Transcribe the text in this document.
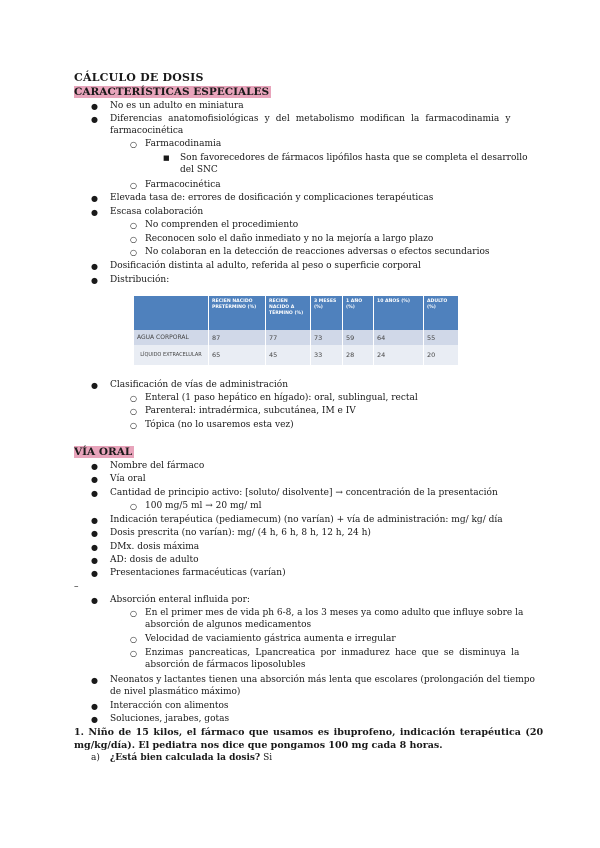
CÁLCULO DE DOSIS
CARACTERÍSTICAS ESPECIALES
● No es un adulto en miniatura
● Diferencias anatomofisiológicas y del metabolismo modifican la farmacodinamia y
farmacocinética
○ Farmacodinamia
■ Son favorecedores de fármacos lipófilos hasta que se completa el desarrollo
del SNC
○ Farmacocinética
● Elevada tasa de: errores de dosificación y complicaciones terapéuticas
● Escasa colaboración
○ No comprenden el procedimiento
○ Reconocen solo el daño inmediato y no la mejoría a largo plazo
○ No colaboran en la detección de reacciones adversas o efectos secundarios
● Dosificación distinta al adulto, referida al peso o superficie corporal
● Distribución:
	RECIEN NACIDO PRETÉRMINO (%)	RECIEN NACIDO A TÉRMINO (%)	3 MESES (%)	1 AÑO (%)	10 AÑOS (%)	ADULTO (%)
AGUA CORPORAL	87	77	73	59	64	55
LÍQUIDO EXTRACELULAR	65	45	33	28	24	20
● Clasificación de vías de administración
○ Enteral (1 paso hepático en hígado): oral, sublingual, rectal
○ Parenteral: intradérmica, subcutánea, IM e IV
○ Tópica (no lo usaremos esta vez)
VÍA ORAL
● Nombre del fármaco
● Vía oral
● Cantidad de principio activo: [soluto/ disolvente] → concentración de la presentación
○ 100 mg/5 ml → 20 mg/ ml
● Indicación terapéutica (pediamecum) (no varían) + vía de administración: mg/ kg/ día
● Dosis prescrita (no varían): mg/ (4 h, 6 h, 8 h, 12 h, 24 h)
● DMx. dosis máxima
● AD: dosis de adulto
● Presentaciones farmacéuticas (varían)
–
● Absorción enteral influida por:
○ En el primer mes de vida ph 6-8, a los 3 meses ya como adulto que influye sobre la
absorción de algunos medicamentos
○ Velocidad de vaciamiento gástrica aumenta e irregular
○ Enzimas pancreaticas, Lpancreatica por inmadurez hace que se disminuya la
absorción de fármacos liposolubles
● Neonatos y lactantes tienen una absorción más lenta que escolares (prolongación del tiempo
de nivel plasmático máximo)
● Interacción con alimentos
● Soluciones, jarabes, gotas
1. Niño de 15 kilos, el fármaco que usamos es ibuprofeno, indicación terapéutica (20
mg/kg/día). El pediatra nos dice que pongamos 100 mg cada 8 horas.
a) ¿Está bien calculada la dosis? Si
